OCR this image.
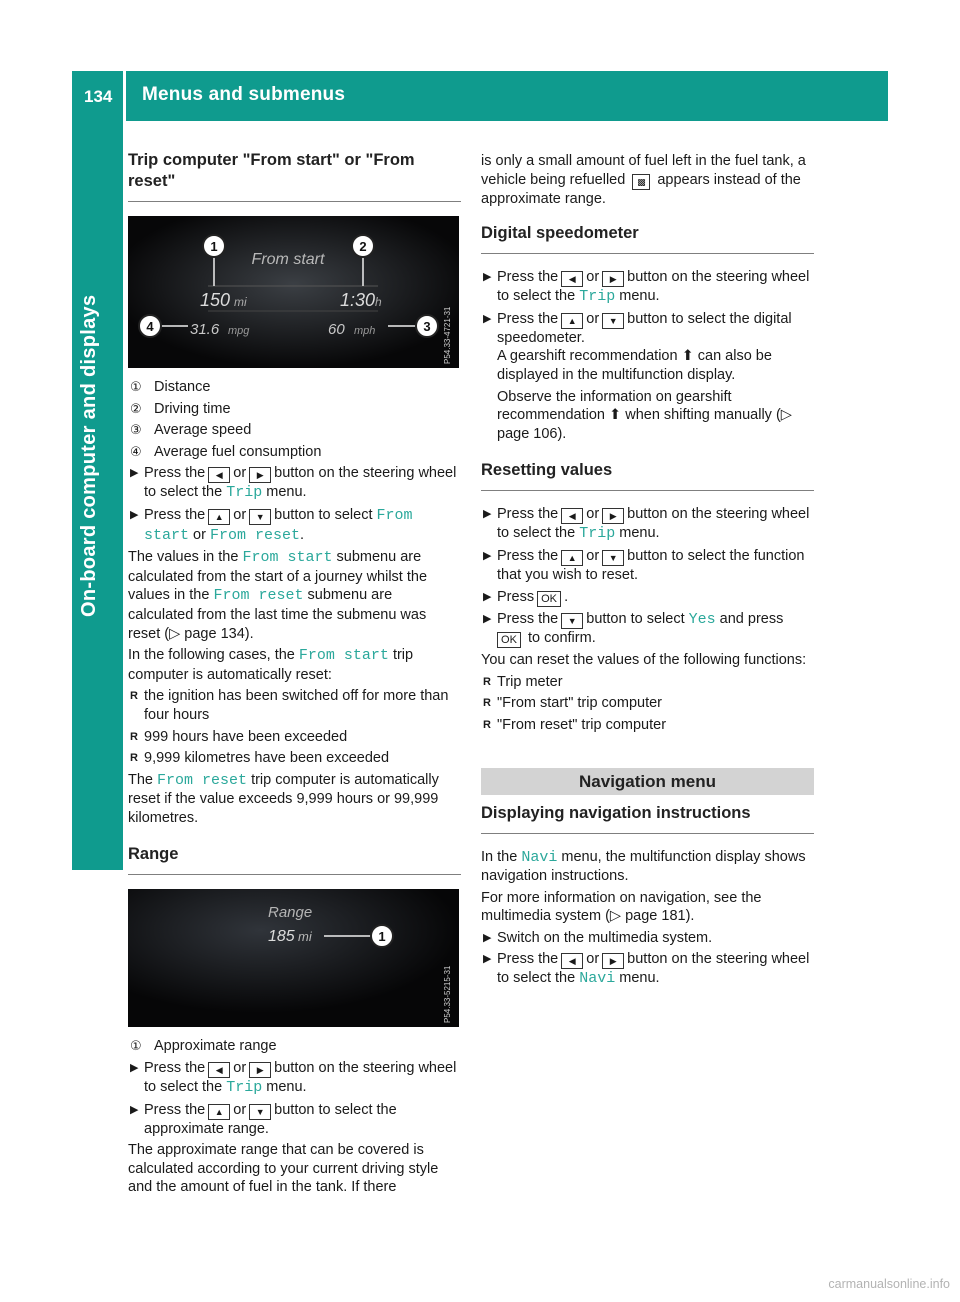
134 Menus and submenus
Trip computer "From start" or "From reset"
From start
150 mi	1:30 h
31.6 mpg	60 mph
1	2
3
4	P54.33-4721-31
① Distance
② Driving time
③ Average speed
④ Average fuel consumption
▶ Press the ◀ or ▶ button on the steering wheel to select the Trip menu.
▶ Press the ▲ or ▼ button to select From start or From reset.

The values in the From start submenu are calculated from the start of a journey whilst the values in the From reset submenu are calculated from the last time the submenu was reset (▷ page 134).

In the following cases, the From start trip computer is automatically reset:

R the ignition has been switched off for more than four hours
R 999 hours have been exceeded
R 9,999 kilometres have been exceeded

The From reset trip computer is automatically reset if the value exceeds 9,999 hours or 99,999 kilometres.

Range
Range
185 mi	1
P54.33-5215-31
① Approximate range
▶ Press the ◀ or ▶ button on the steering wheel to select the Trip menu.
▶ Press the ▲ or ▼ button to select the approximate range.

The approximate range that can be covered is calculated according to your current driving style and the amount of fuel in the tank. If there

is only a small amount of fuel left in the fuel tank, a vehicle being refuelled ▩ appears instead of the approximate range.

Digital speedometer
▶ Press the ◀ or ▶ button on the steering wheel to select the Trip menu.
▶ Press the ▲ or ▼ button to select the digital speedometer.
A gearshift recommendation ⬆ can also be displayed in the multifunction display.
Observe the information on gearshift recommendation ⬆ when shifting manually (▷ page 106).
Resetting values
▶ Press the ◀ or ▶ button on the steering wheel to select the Trip menu.
▶ Press the ▲ or ▼ button to select the function that you wish to reset.
▶ Press OK .
▶ Press the ▼ button to select Yes and press
OK to confirm.

You can reset the values of the following functions:

R Trip meter
R "From start" trip computer
R "From reset" trip computer
Navigation menu
Displaying navigation instructions

In the Navi menu, the multifunction display shows navigation instructions.

For more information on navigation, see the multimedia system (▷ page 181).

▶ Switch on the multimedia system.
▶ Press the ◀ or ▶ button on the steering wheel to select the Navi menu.
carmanualsonline.info
